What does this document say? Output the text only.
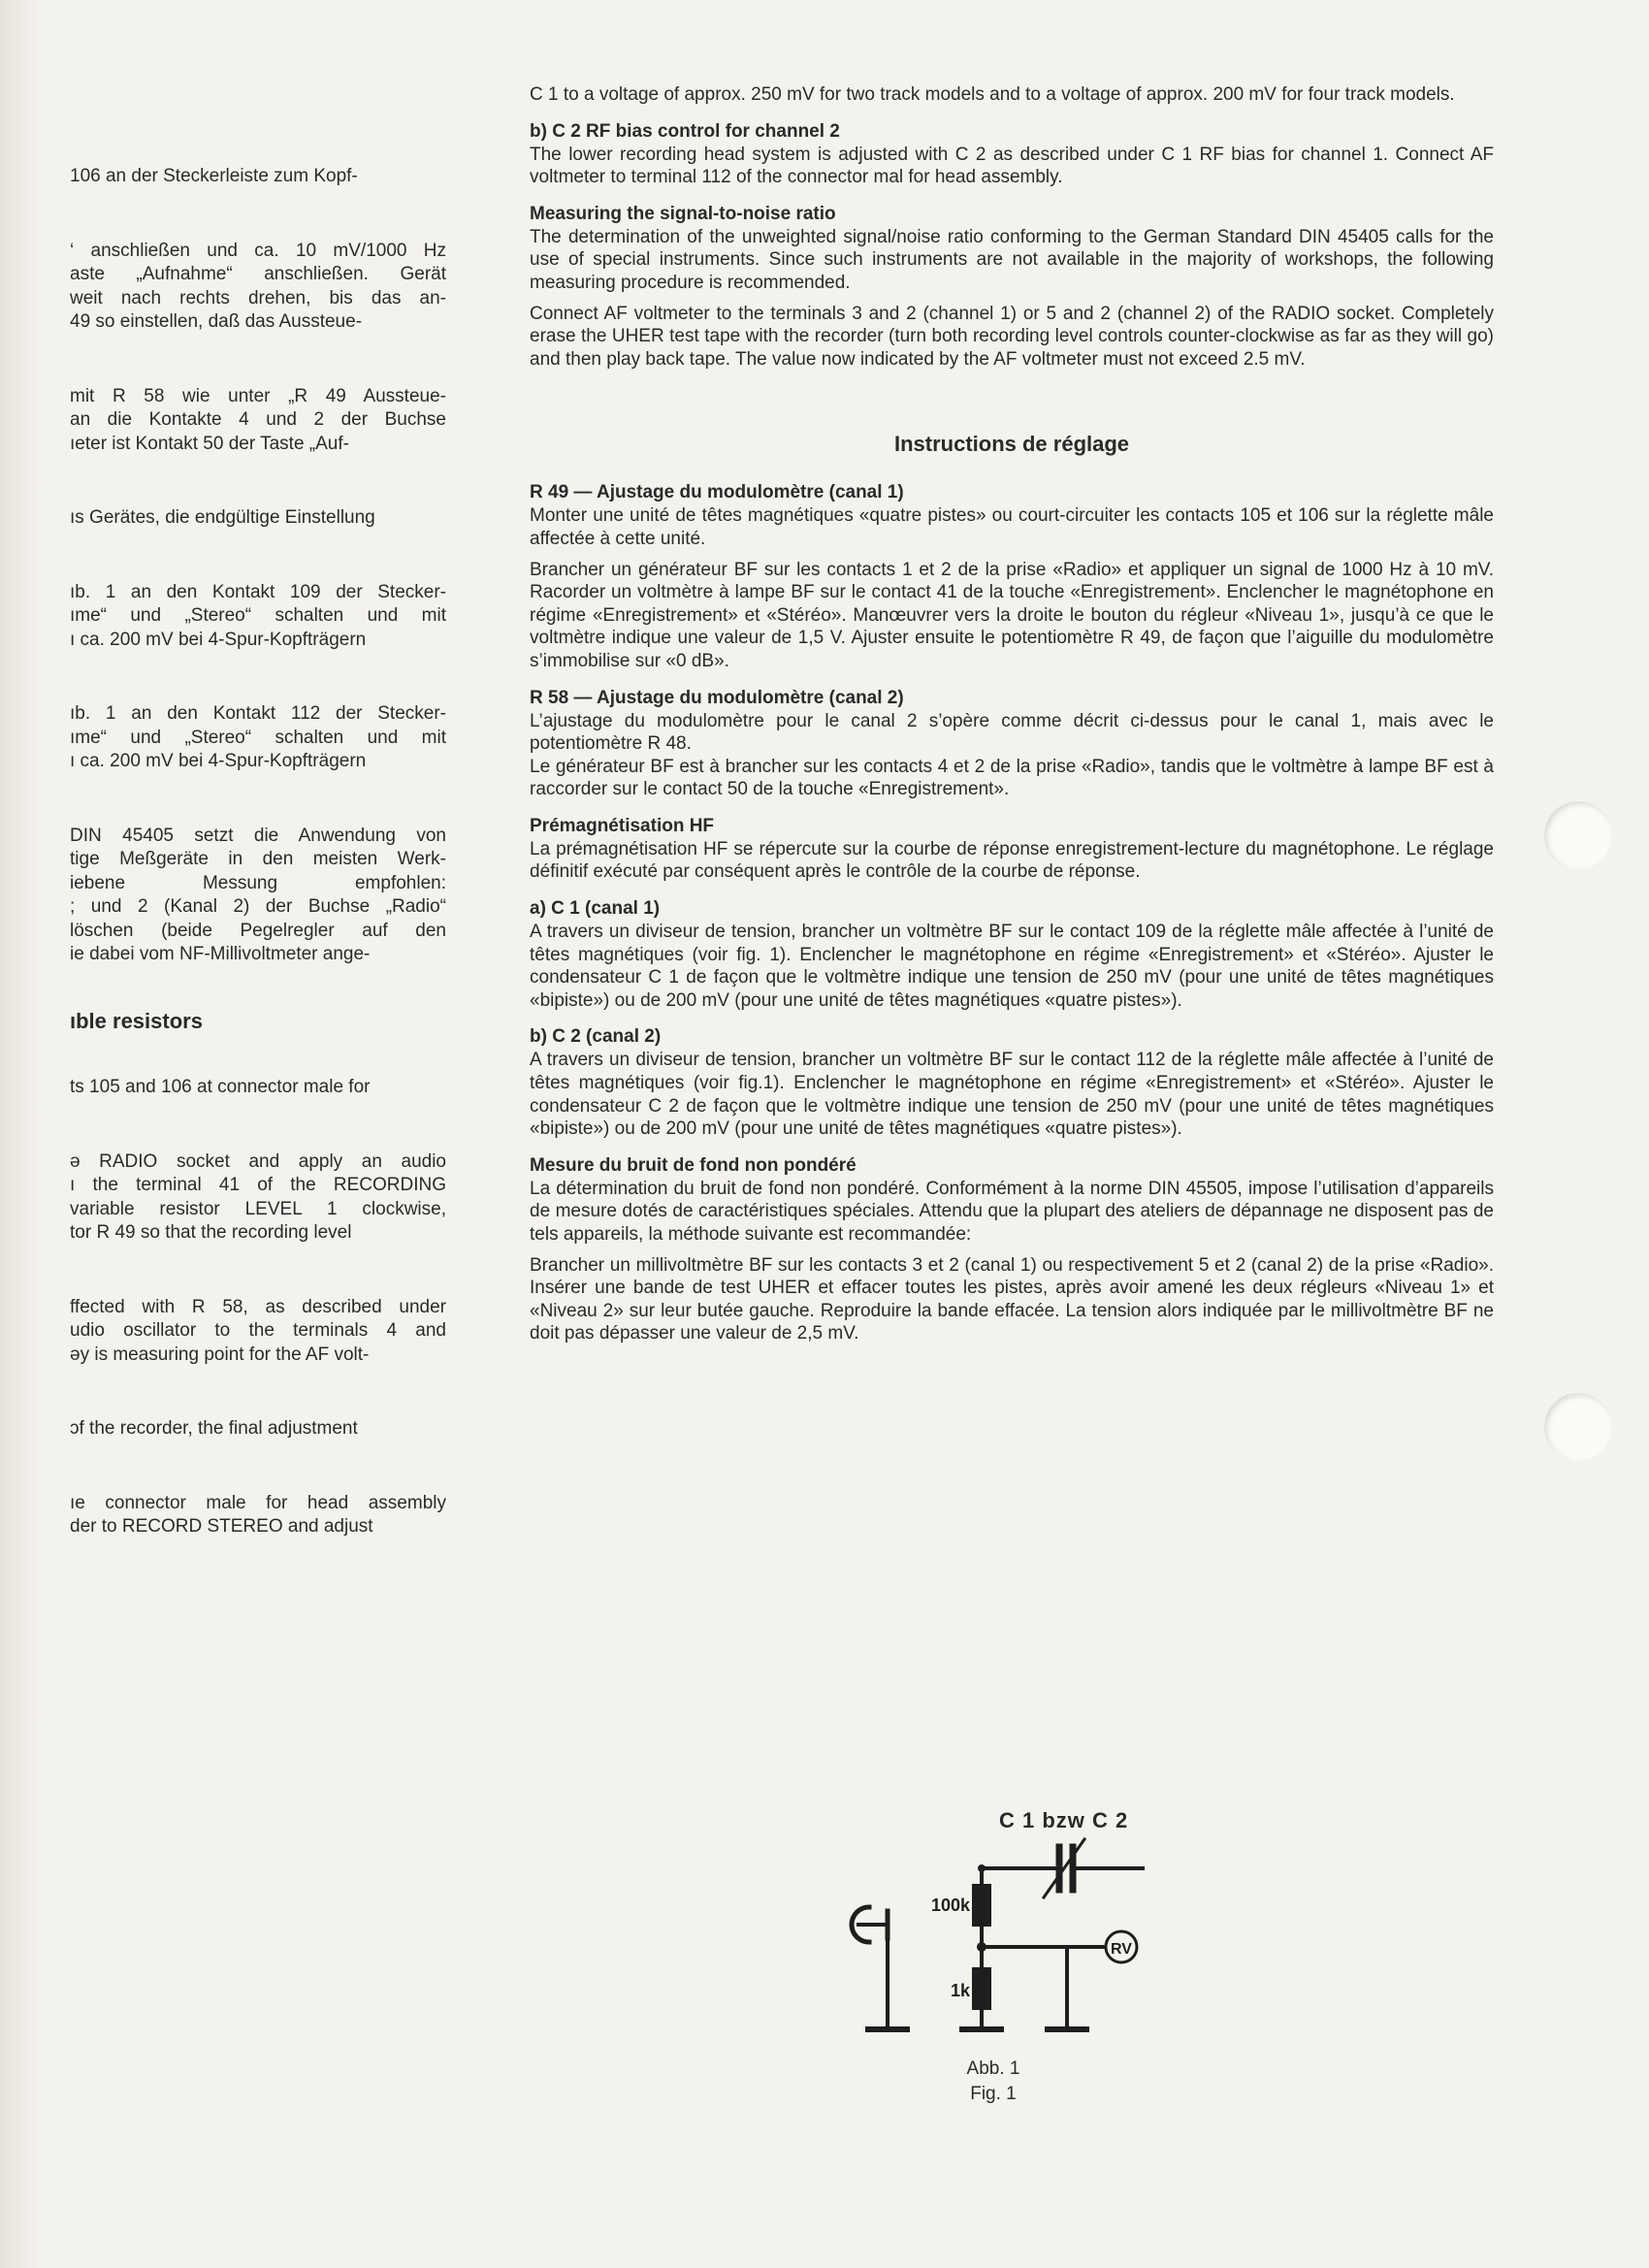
106 an der Steckerleiste zum Kopf-

‘ anschließen und ca. 10 mV/1000 Hz

aste „Aufnahme“ anschließen. Gerät

weit nach rechts drehen, bis das an-

49 so einstellen, daß das Aussteue-

mit R 58 wie unter „R 49 Aussteue-

an die Kontakte 4 und 2 der Buchse

ıeter ist Kontakt 50 der Taste „Auf-

ıs Gerätes, die endgültige Einstellung

ıb. 1 an den Kontakt 109 der Stecker-

ıme“ und „Stereo“ schalten und mit

ı ca. 200 mV bei 4-Spur-Kopfträgern

ıb. 1 an den Kontakt 112 der Stecker-

ıme“ und „Stereo“ schalten und mit

ı ca. 200 mV bei 4-Spur-Kopfträgern

DIN 45405 setzt die Anwendung von

tige Meßgeräte in den meisten Werk-

iebene Messung empfohlen:

; und 2 (Kanal 2) der Buchse „Radio“

löschen (beide Pegelregler auf den

ie dabei vom NF-Millivoltmeter ange-

ıble resistors

ts 105 and 106 at connector male for

ǝ RADIO socket and apply an audio

ı the terminal 41 of the RECORDING

variable resistor LEVEL 1 clockwise,

tor R 49 so that the recording level

ffected with R 58, as described under

udio oscillator to the terminals 4 and

ǝy is measuring point for the AF volt-

ɔf the recorder, the final adjustment

ıe connector male for head assembly

der to RECORD STEREO and adjust

C 1 to a voltage of approx. 250 mV for two track models and to a voltage of approx. 200 mV for four track models.

b) C 2 RF bias control for channel 2

The lower recording head system is adjusted with C 2 as described under C 1 RF bias for channel 1. Connect AF voltmeter to terminal 112 of the connector mal for head assembly.

Measuring the signal-to-noise ratio

The determination of the unweighted signal/noise ratio conforming to the German Standard DIN 45405 calls for the use of special instruments. Since such instruments are not available in the majority of workshops, the following measuring procedure is recommended.

Connect AF voltmeter to the terminals 3 and 2 (channel 1) or 5 and 2 (channel 2) of the RADIO socket. Completely erase the UHER test tape with the recorder (turn both recording level controls counter-clockwise as far as they will go) and then play back tape. The value now indicated by the AF voltmeter must not exceed 2.5 mV.

Instructions de réglage
R 49 — Ajustage du modulomètre (canal 1)

Monter une unité de têtes magnétiques «quatre pistes» ou court-circuiter les contacts 105 et 106 sur la réglette mâle affectée à cette unité.

Brancher un générateur BF sur les contacts 1 et 2 de la prise «Radio» et appliquer un signal de 1000 Hz à 10 mV. Racorder un voltmètre à lampe BF sur le contact 41 de la touche «Enregistrement». Enclencher le magnétophone en régime «Enregistrement» et «Stéréo». Manœuvrer vers la droite le bouton du régleur «Niveau 1», jusqu’à ce que le voltmètre indique une valeur de 1,5 V. Ajuster ensuite le potentiomètre R 49, de façon que l’aiguille du modulomètre s’immobilise sur «0 dB».

R 58 — Ajustage du modulomètre (canal 2)

L’ajustage du modulomètre pour le canal 2 s’opère comme décrit ci-dessus pour le canal 1, mais avec le potentiomètre R 48.

Le générateur BF est à brancher sur les contacts 4 et 2 de la prise «Radio», tandis que le voltmètre à lampe BF est à raccorder sur le contact 50 de la touche «Enregistrement».

Prémagnétisation HF

La prémagnétisation HF se répercute sur la courbe de réponse enregistrement-lecture du magnétophone. Le réglage définitif exécuté par conséquent après le contrôle de la courbe de réponse.

a) C 1 (canal 1)

A travers un diviseur de tension, brancher un voltmètre BF sur le contact 109 de la réglette mâle affectée à l’unité de têtes magnétiques (voir fig. 1). Enclencher le magnétophone en régime «Enregistrement» et «Stéréo». Ajuster le condensateur C 1 de façon que le voltmètre indique une tension de 250 mV (pour une unité de têtes magnétiques «bipiste») ou de 200 mV (pour une unité de têtes magnétiques «quatre pistes»).

b) C 2 (canal 2)

A travers un diviseur de tension, brancher un voltmètre BF sur le contact 112 de la réglette mâle affectée à l’unité de têtes magnétiques (voir fig.1). Enclencher le magnétophone en régime «Enregistrement» et «Stéréo». Ajuster le condensateur C 2 de façon que le voltmètre indique une tension de 250 mV (pour une unité de têtes magnétiques «bipiste») ou de 200 mV (pour une unité de têtes magnétiques «quatre pistes»).

Mesure du bruit de fond non pondéré

La détermination du bruit de fond non pondéré. Conformément à la norme DIN 45505, impose l’utilisation d’appareils de mesure dotés de caractéristiques spéciales. Attendu que la plupart des ateliers de dépannage ne disposent pas de tels appareils, la méthode suivante est recommandée:

Brancher un millivoltmètre BF sur les contacts 3 et 2 (canal 1) ou respectivement 5 et 2 (canal 2) de la prise «Radio». Insérer une bande de test UHER et effacer toutes les pistes, après avoir amené les deux régleurs «Niveau 1» et «Niveau 2» sur leur butée gauche. Reproduire la bande effacée. La tension alors indiquée par le millivoltmètre BF ne doit pas dépasser une valeur de 2,5 mV.

C 1 bzw C 2
RV
100k
1k
Abb. 1
Fig. 1
